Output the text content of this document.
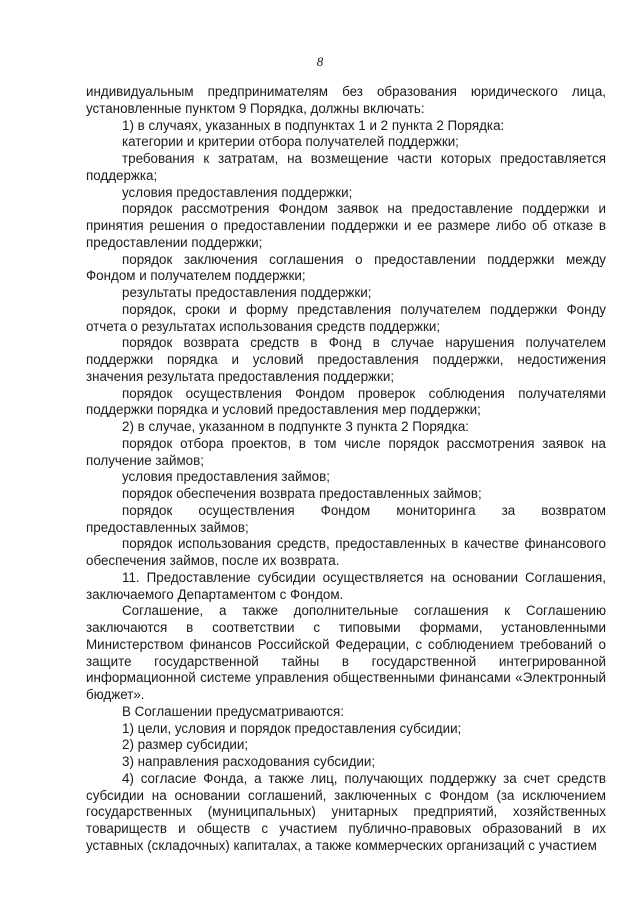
8

индивидуальным предпринимателям без образования юридического лица, установленные пунктом 9 Порядка, должны включать:

1) в случаях, указанных в подпунктах 1 и 2 пункта 2 Порядка:

категории и критерии отбора получателей поддержки;

требования к затратам, на возмещение части которых предоставляется поддержка;

условия предоставления поддержки;

порядок рассмотрения Фондом заявок на предоставление поддержки и принятия решения о предоставлении поддержки и ее размере либо об отказе в предоставлении поддержки;

порядок заключения соглашения о предоставлении поддержки между Фондом и получателем поддержки;

результаты предоставления поддержки;

порядок, сроки и форму представления получателем поддержки Фонду отчета о результатах использования средств поддержки;

порядок возврата средств в Фонд в случае нарушения получателем поддержки порядка и условий предоставления поддержки, недостижения значения результата предоставления поддержки;

порядок осуществления Фондом проверок соблюдения получателями поддержки порядка и условий предоставления мер поддержки;

2) в случае, указанном в подпункте 3 пункта 2 Порядка:

порядок отбора проектов, в том числе порядок рассмотрения заявок на получение займов;

условия предоставления займов;

порядок обеспечения возврата предоставленных займов;

порядок осуществления Фондом мониторинга за возвратом предоставленных займов;

порядок использования средств, предоставленных в качестве финансового обеспечения займов, после их возврата.

11. Предоставление субсидии осуществляется на основании Соглашения, заключаемого Департаментом с Фондом.

Соглашение, а также дополнительные соглашения к Соглашению заключаются в соответствии с типовыми формами, установленными Министерством финансов Российской Федерации, с соблюдением требований о защите государственной тайны в государственной интегрированной информационной системе управления общественными финансами «Электронный бюджет».

В Соглашении предусматриваются:

1) цели, условия и порядок предоставления субсидии;

2) размер субсидии;

3) направления расходования субсидии;

4) согласие Фонда, а также лиц, получающих поддержку за счет средств субсидии на основании соглашений, заключенных с Фондом (за исключением государственных (муниципальных) унитарных предприятий, хозяйственных товариществ и обществ с участием публично-правовых образований в их уставных (складочных) капиталах, а также коммерческих организаций с участием
